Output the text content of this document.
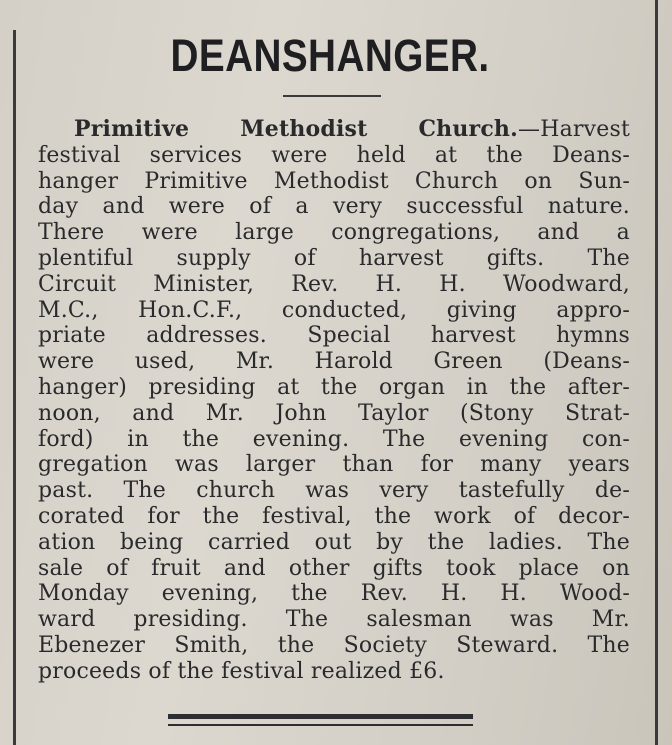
DEANSHANGER.
Primitive Methodist Church.—Harvest
festival services were held at the Deans-
hanger Primitive Methodist Church on Sun-
day and were of a very successful nature.
There were large congregations, and a
plentiful supply of harvest gifts. The
Circuit Minister, Rev. H. H. Woodward,
M.C., Hon.C.F., conducted, giving appro-
priate addresses. Special harvest hymns
were used, Mr. Harold Green (Deans-
hanger) presiding at the organ in the after-
noon, and Mr. John Taylor (Stony Strat-
ford) in the evening. The evening con-
gregation was larger than for many years
past. The church was very tastefully de-
corated for the festival, the work of decor-
ation being carried out by the ladies. The
sale of fruit and other gifts took place on
Monday evening, the Rev. H. H. Wood-
ward presiding. The salesman was Mr.
Ebenezer Smith, the Society Steward. The
proceeds of the festival realized £6.
